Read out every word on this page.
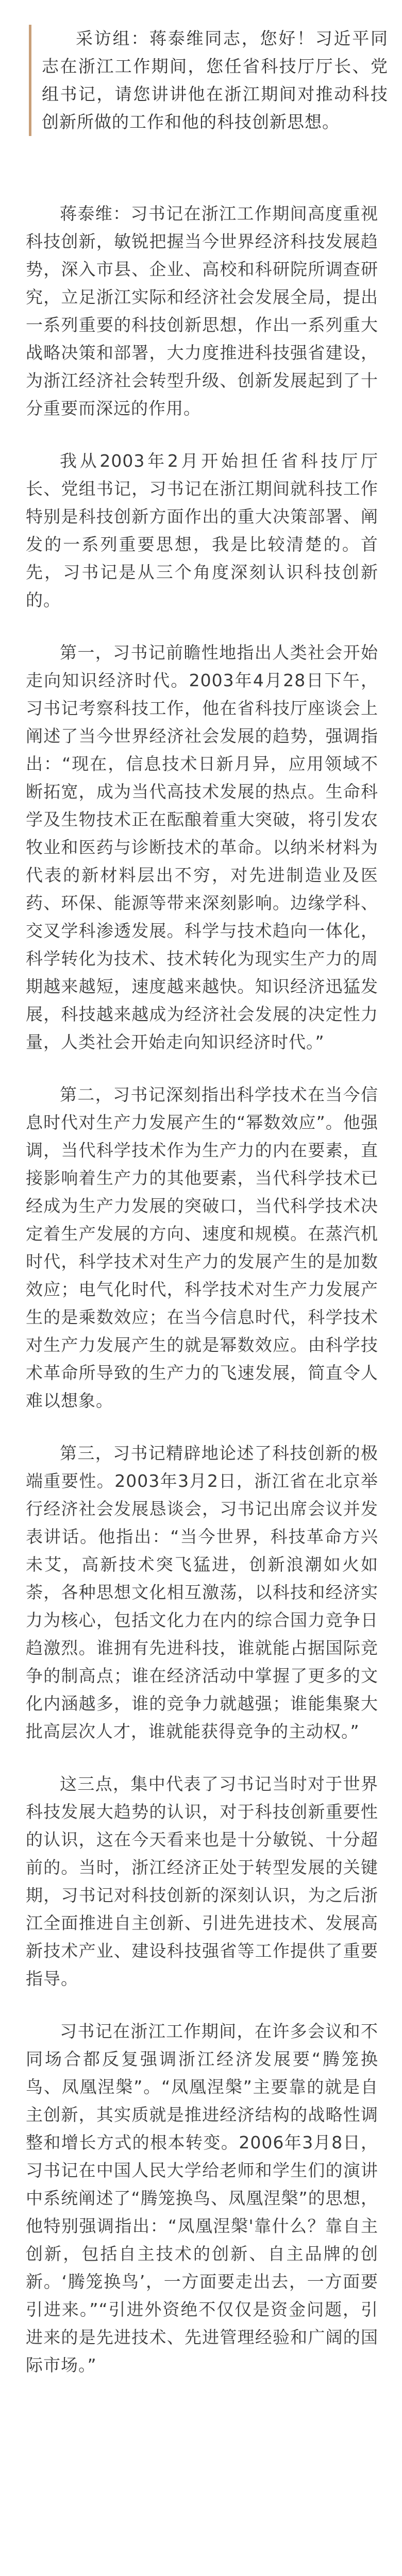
采访组：蒋泰维同志，您好！习近平同志在浙江工作期间，您任省科技厅厅长、党组书记，请您讲讲他在浙江期间对推动科技创新所做的工作和他的科技创新思想。

蒋泰维：习书记在浙江工作期间高度重视科技创新，敏锐把握当今世界经济科技发展趋势，深入市县、企业、高校和科研院所调查研究，立足浙江实际和经济社会发展全局，提出一系列重要的科技创新思想，作出一系列重大战略决策和部署，大力度推进科技强省建设，为浙江经济社会转型升级、创新发展起到了十分重要而深远的作用。

我从2003年2月开始担任省科技厅厅长、党组书记，习书记在浙江期间就科技工作特别是科技创新方面作出的重大决策部署、阐发的一系列重要思想，我是比较清楚的。首先，习书记是从三个角度深刻认识科技创新的。

第一，习书记前瞻性地指出人类社会开始走向知识经济时代。2003年4月28日下午，习书记考察科技工作，他在省科技厅座谈会上阐述了当今世界经济社会发展的趋势，强调指出：“现在，信息技术日新月异，应用领域不断拓宽，成为当代高技术发展的热点。生命科学及生物技术正在酝酿着重大突破，将引发农牧业和医药与诊断技术的革命。以纳米材料为代表的新材料层出不穷，对先进制造业及医药、环保、能源等带来深刻影响。边缘学科、交叉学科渗透发展。科学与技术趋向一体化，科学转化为技术、技术转化为现实生产力的周期越来越短，速度越来越快。知识经济迅猛发展，科技越来越成为经济社会发展的决定性力量，人类社会开始走向知识经济时代。”

第二，习书记深刻指出科学技术在当今信息时代对生产力发展产生的“幂数效应”。他强调，当代科学技术作为生产力的内在要素，直接影响着生产力的其他要素，当代科学技术已经成为生产力发展的突破口，当代科学技术决定着生产发展的方向、速度和规模。在蒸汽机时代，科学技术对生产力的发展产生的是加数效应；电气化时代，科学技术对生产力发展产生的是乘数效应；在当今信息时代，科学技术对生产力发展产生的就是幂数效应。由科学技术革命所导致的生产力的飞速发展，简直令人难以想象。

第三，习书记精辟地论述了科技创新的极端重要性。2003年3月2日，浙江省在北京举行经济社会发展恳谈会，习书记出席会议并发表讲话。他指出：“当今世界，科技革命方兴未艾，高新技术突飞猛进，创新浪潮如火如荼，各种思想文化相互激荡，以科技和经济实力为核心，包括文化力在内的综合国力竞争日趋激烈。谁拥有先进科技，谁就能占据国际竞争的制高点；谁在经济活动中掌握了更多的文化内涵越多，谁的竞争力就越强；谁能集聚大批高层次人才，谁就能获得竞争的主动权。”

这三点，集中代表了习书记当时对于世界科技发展大趋势的认识，对于科技创新重要性的认识，这在今天看来也是十分敏锐、十分超前的。当时，浙江经济正处于转型发展的关键期，习书记对科技创新的深刻认识，为之后浙江全面推进自主创新、引进先进技术、发展高新技术产业、建设科技强省等工作提供了重要指导。

习书记在浙江工作期间，在许多会议和不同场合都反复强调浙江经济发展要“腾笼换鸟、凤凰涅槃”。“凤凰涅槃”主要靠的就是自主创新，其实质就是推进经济结构的战略性调整和增长方式的根本转变。2006年3月8日，习书记在中国人民大学给老师和学生们的演讲中系统阐述了“腾笼换鸟、凤凰涅槃”的思想，他特别强调指出：“凤凰涅槃'靠什么？靠自主创新，包括自主技术的创新、自主品牌的创新。‘腾笼换鸟’，一方面要走出去，一方面要引进来。”“引进外资绝不仅仅是资金问题，引进来的是先进技术、先进管理经验和广阔的国际市场。”
